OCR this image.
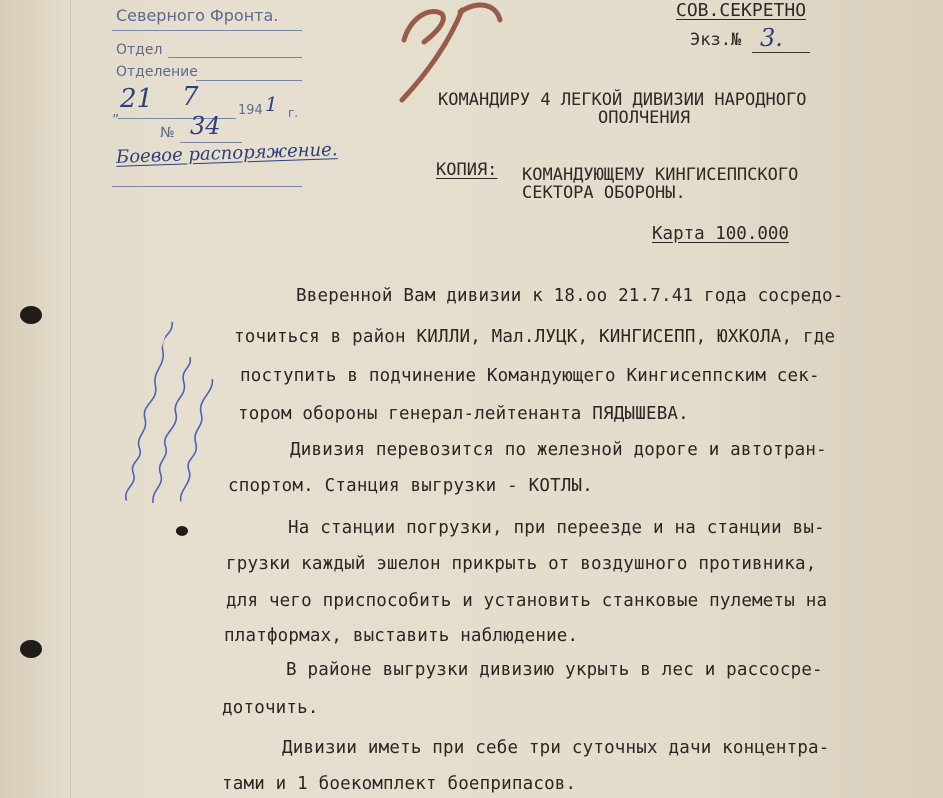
Северного Фронта.
Отдел
Отделение
„ 21 7	194 1 г.
№ 34
Боевое распоряжение.
СОВ.СЕКРЕТНО
Экз.№ 3.
КОМАНДИРУ 4 ЛЕГКОЙ ДИВИЗИИ НАРОДНОГО
ОПОЛЧЕНИЯ
КОПИЯ: КОМАНДУЮЩЕМУ КИНГИСЕППСКОГО
СЕКТОРА ОБОРОНЫ.
Карта 100.000
Вверенной Вам дивизии к 18.оо 21.7.41 года сосредо-
точиться в район КИЛЛИ, Мал.ЛУЦК, КИНГИСЕПП, ЮХКОЛА, где
поступить в подчинение Командующего Кингисеппским сек-
тором обороны генерал-лейтенанта ПЯДЫШЕВА.
Дивизия перевозится по железной дороге и автотран-
спортом. Станция выгрузки - КОТЛЫ.
На станции погрузки, при переезде и на станции вы-
грузки каждый эшелон прикрыть от воздушного противника,
для чего приспособить и установить станковые пулеметы на
платформах, выставить наблюдение.
В районе выгрузки дивизию укрыть в лес и рассосре-
доточить.
Дивизии иметь при себе три суточных дачи концентра-
тами и 1 боекомплект боеприпасов.
